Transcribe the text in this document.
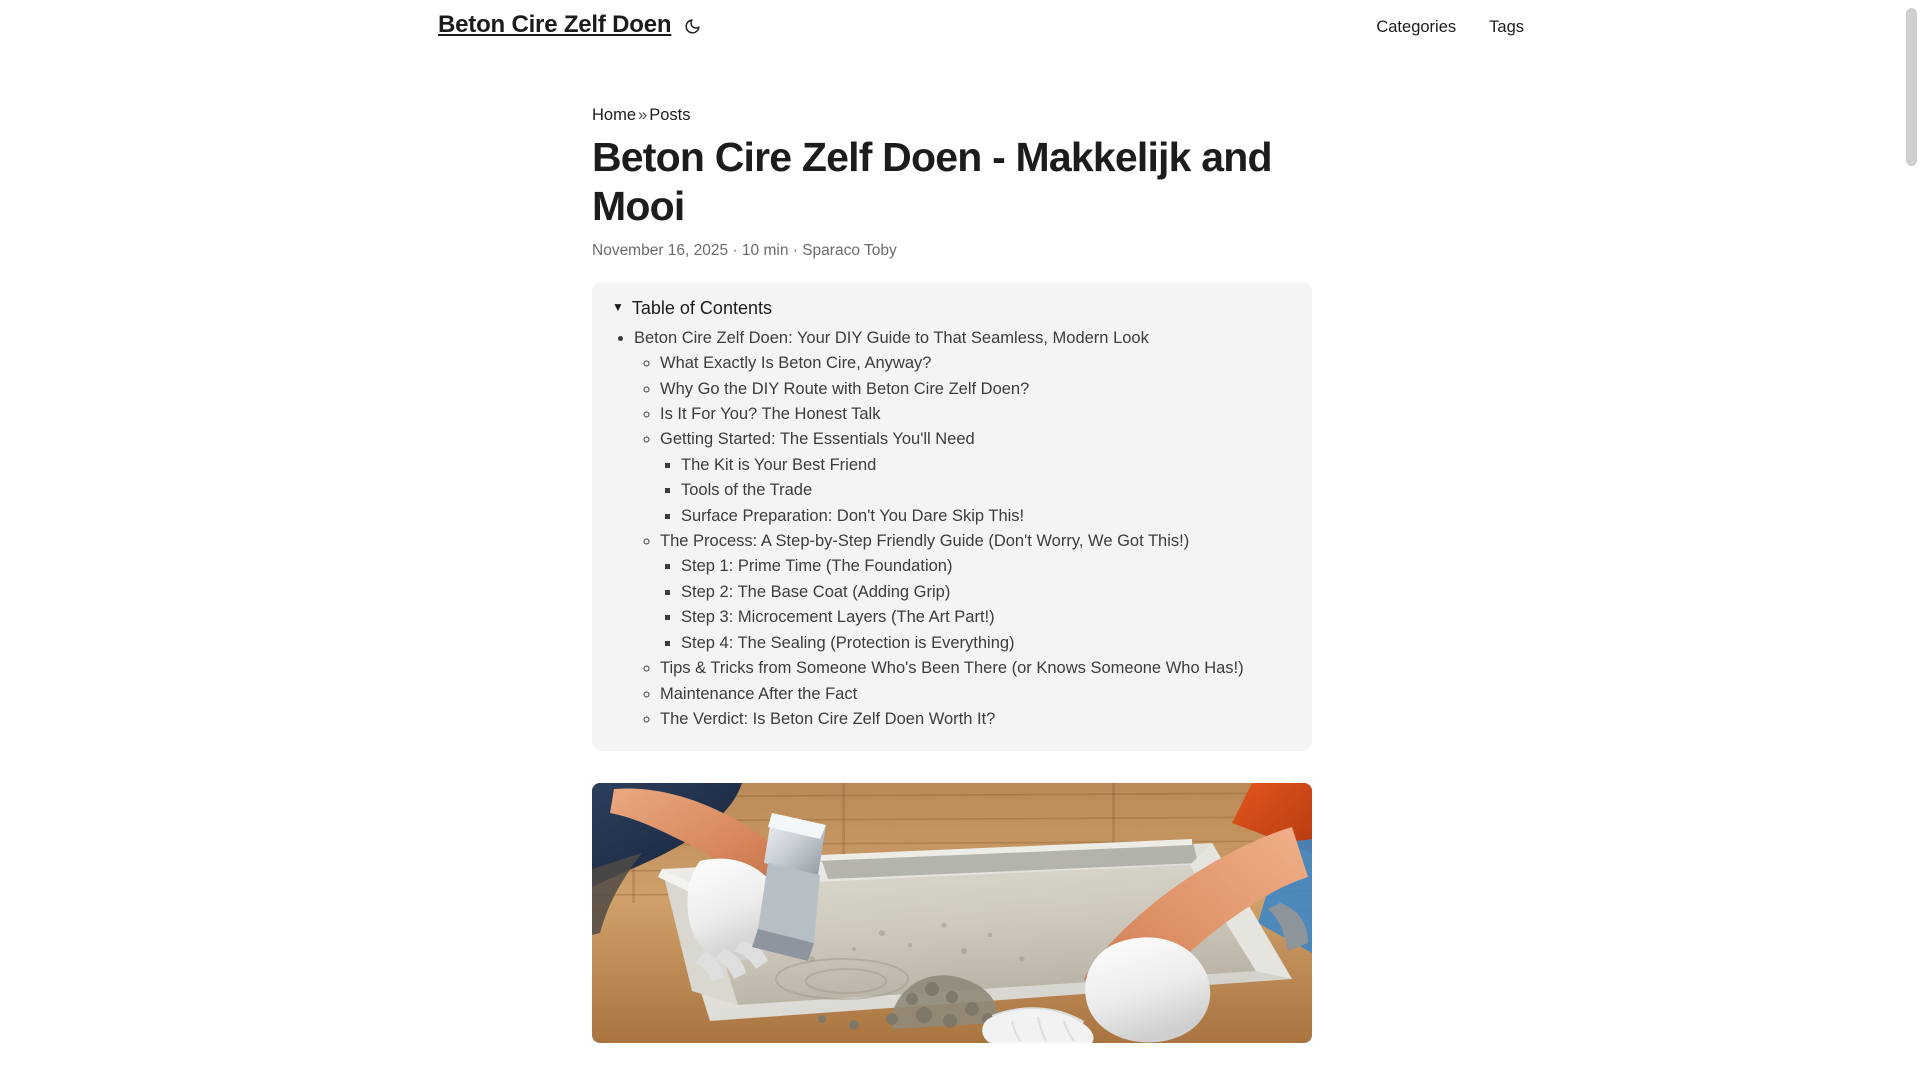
Beton Cire Zelf Doen	Categories Tags
Home » Posts
Beton Cire Zelf Doen - Makkelijk and Mooi
November 16, 2025 · 10 min · Sparaco Toby
▼ Table of Contents
• Beton Cire Zelf Doen: Your DIY Guide to That Seamless, Modern Look
◦ What Exactly Is Beton Cire, Anyway?
◦ Why Go the DIY Route with Beton Cire Zelf Doen?
◦ Is It For You? The Honest Talk
◦ Getting Started: The Essentials You'll Need
▪ The Kit is Your Best Friend
▪ Tools of the Trade
▪ Surface Preparation: Don't You Dare Skip This!
◦ The Process: A Step-by-Step Friendly Guide (Don't Worry, We Got This!)
▪ Step 1: Prime Time (The Foundation)
▪ Step 2: The Base Coat (Adding Grip)
▪ Step 3: Microcement Layers (The Art Part!)
▪ Step 4: The Sealing (Protection is Everything)
◦ Tips & Tricks from Someone Who's Been There (or Knows Someone Who Has!)
◦ Maintenance After the Fact
◦ The Verdict: Is Beton Cire Zelf Doen Worth It?
